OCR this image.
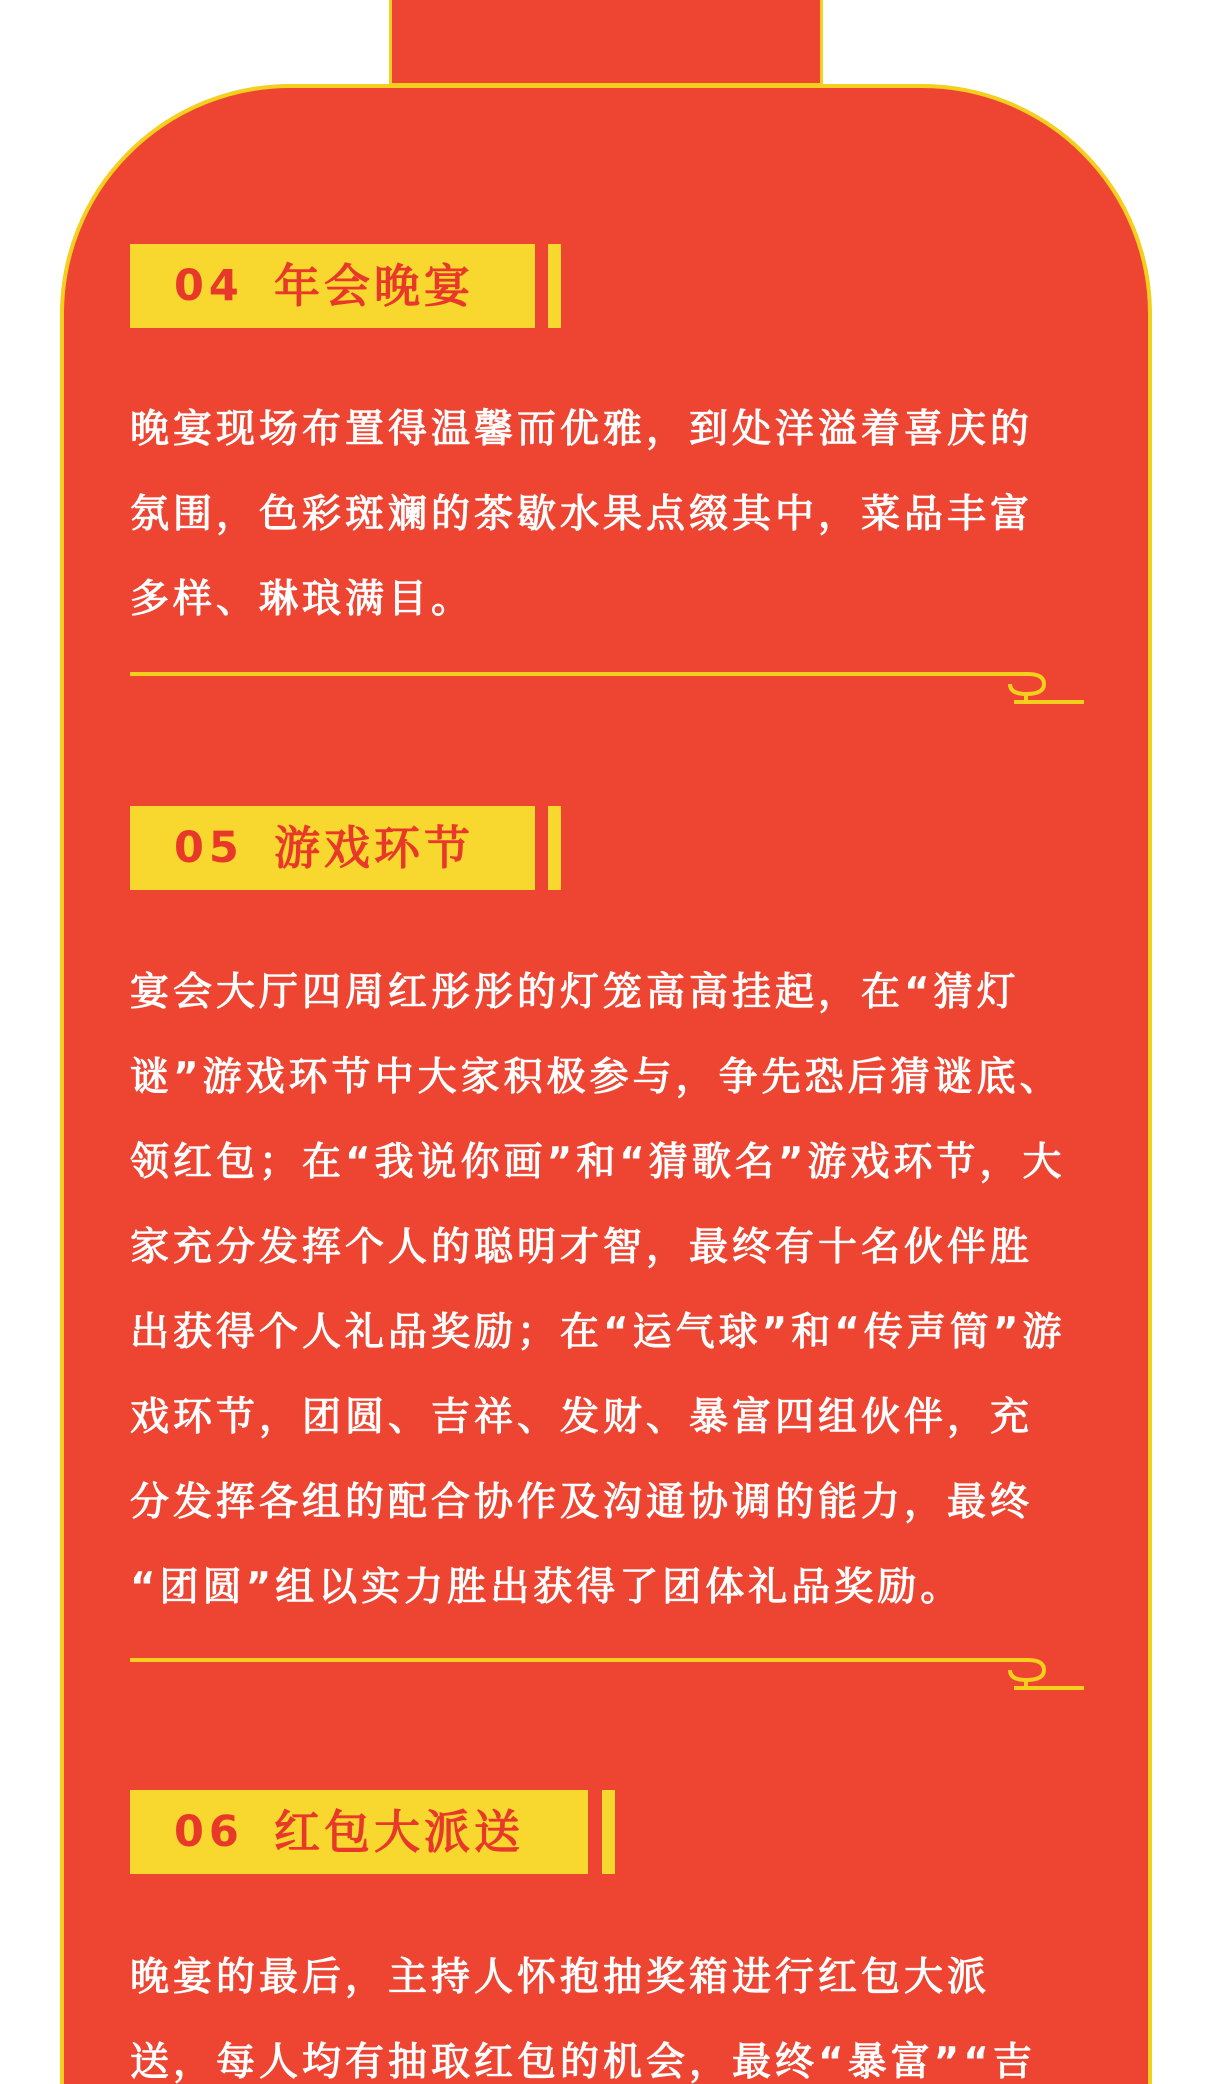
04 年会晚宴
晚宴现场布置得温馨而优雅，到处洋溢着喜庆的
氛围，色彩斑斓的茶歇水果点缀其中，菜品丰富
多样、琳琅满目。
05 游戏环节
宴会大厅四周红彤彤的灯笼高高挂起，在“猜灯
谜”游戏环节中大家积极参与，争先恐后猜谜底、
领红包；在“我说你画”和“猜歌名”游戏环节，大
家充分发挥个人的聪明才智，最终有十名伙伴胜
出获得个人礼品奖励；在“运气球”和“传声筒”游
戏环节，团圆、吉祥、发财、暴富四组伙伴，充
分发挥各组的配合协作及沟通协调的能力，最终
“团圆”组以实力胜出获得了团体礼品奖励。
06 红包大派送
晚宴的最后，主持人怀抱抽奖箱进行红包大派
送，每人均有抽取红包的机会，最终“暴富”“吉
